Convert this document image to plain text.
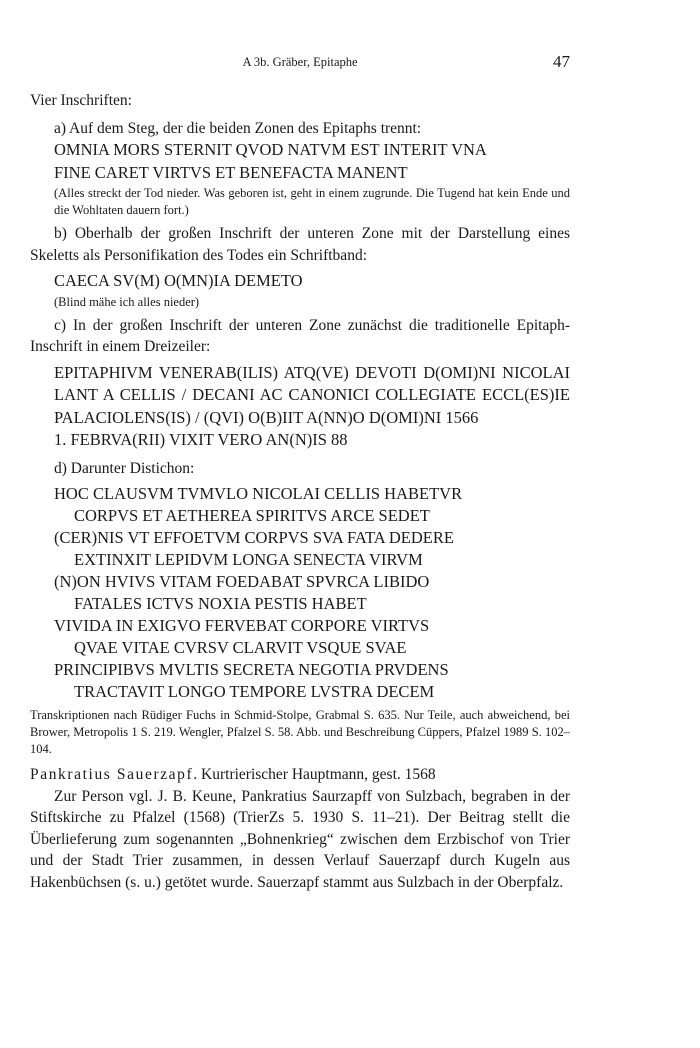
A 3b. Gräber, Epitaphe	47

Vier Inschriften:

a) Auf dem Steg, der die beiden Zonen des Epitaphs trennt:

OMNIA MORS STERNIT QVOD NATVM EST INTERIT VNA
FINE CARET VIRTVS ET BENEFACTA MANENT

(Alles streckt der Tod nieder. Was geboren ist, geht in einem zugrunde. Die Tugend hat kein Ende und die Wohltaten dauern fort.)

b) Oberhalb der großen Inschrift der unteren Zone mit der Darstellung eines Skeletts als Personifikation des Todes ein Schriftband:

CAECA SV(M) O(MN)IA DEMETO

(Blind mähe ich alles nieder)

c) In der großen Inschrift der unteren Zone zunächst die traditionelle Epitaph-Inschrift in einem Dreizeiler:

EPITAPHIVM VENERAB(ILIS) ATQ(VE) DEVOTI D(OMI)NI NICOLAI LANT A CELLIS / DECANI AC CANONICI COLLEGIATE ECCL(ES)IE PALACIOLENS(IS) / (QVI) O(B)IIT A(NN)O D(OMI)NI 1566
1. FEBRVA(RII) VIXIT VERO AN(N)IS 88

d) Darunter Distichon:

HOC CLAUSVM TVMVLO NICOLAI CELLIS HABETVR
CORPVS ET AETHEREA SPIRITVS ARCE SEDET
(CER)NIS VT EFFOETVM CORPVS SVA FATA DEDERE
EXTINXIT LEPIDVM LONGA SENECTA VIRVM
(N)ON HVIVS VITAM FOEDABAT SPVRCA LIBIDO
FATALES ICTVS NOXIA PESTIS HABET
VIVIDA IN EXIGVO FERVEBAT CORPORE VIRTVS
QVAE VITAE CVRSV CLARVIT VSQUE SVAE
PRINCIPIBVS MVLTIS SECRETA NEGOTIA PRVDENS
TRACTAVIT LONGO TEMPORE LVSTRA DECEM

Transkriptionen nach Rüdiger Fuchs in Schmid-Stolpe, Grabmal S. 635. Nur Teile, auch abweichend, bei Brower, Metropolis 1 S. 219. Wengler, Pfalzel S. 58. Abb. und Beschreibung Cüppers, Pfalzel 1989 S. 102–104.

Pankratius Sauerzapf. Kurtrierischer Hauptmann, gest. 1568

Zur Person vgl. J. B. Keune, Pankratius Saurzapff von Sulzbach, begraben in der Stiftskirche zu Pfalzel (1568) (TrierZs 5. 1930 S. 11–21). Der Beitrag stellt die Überlieferung zum sogenannten „Bohnenkrieg“ zwischen dem Erzbischof von Trier und der Stadt Trier zusammen, in dessen Verlauf Sauerzapf durch Kugeln aus Hakenbüchsen (s. u.) getötet wurde. Sauerzapf stammt aus Sulzbach in der Oberpfalz.
